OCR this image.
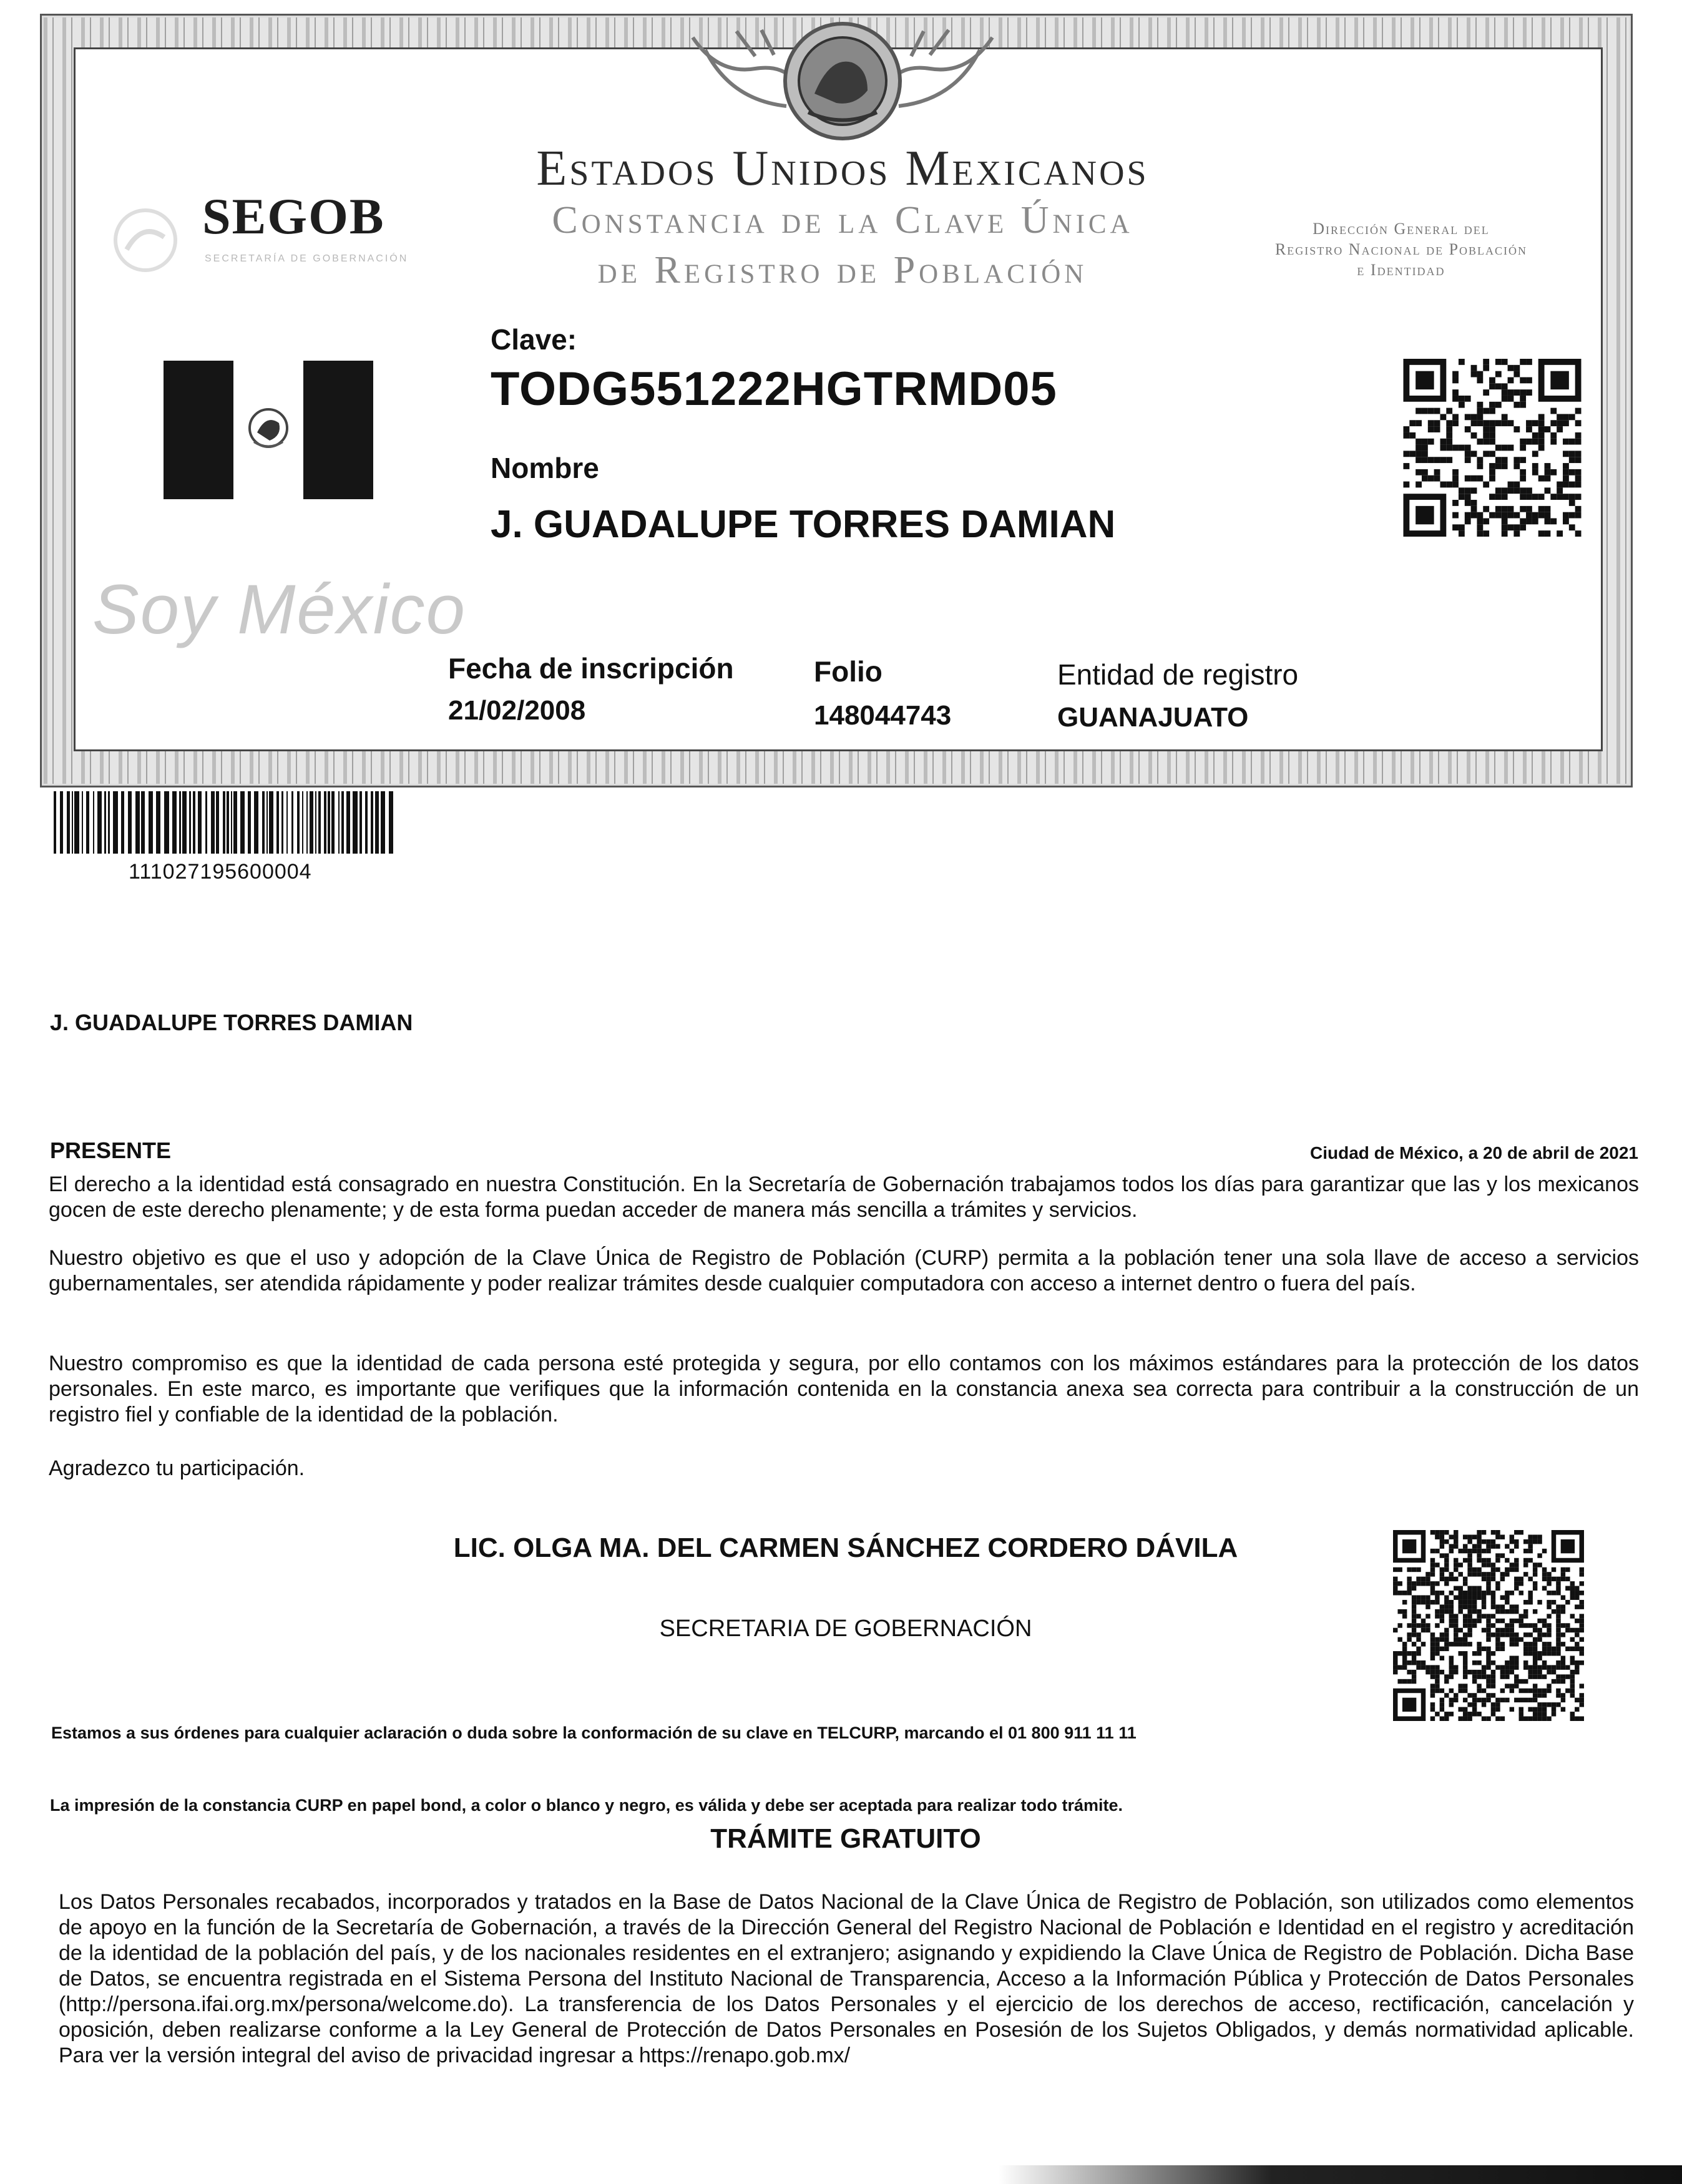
Estados Unidos Mexicanos
Constancia de la Clave Única
de Registro de Población
SEGOB
SECRETARÍA DE GOBERNACIÓN
Dirección General del
Registro Nacional de Población
e Identidad
Clave:
TODG551222HGTRMD05
Nombre
J. GUADALUPE TORRES DAMIAN
Soy México
Fecha de inscripción
21/02/2008
Folio
148044743
Entidad de registro
GUANAJUATO
111027195600004
J. GUADALUPE TORRES DAMIAN
PRESENTE	Ciudad de México, a 20 de abril de 2021
El derecho a la identidad está consagrado en nuestra Constitución. En la Secretaría de Gobernación trabajamos todos los días para garantizar que las y los mexicanos gocen de este derecho plenamente; y de esta forma puedan acceder de manera más sencilla a trámites y servicios.
Nuestro objetivo es que el uso y adopción de la Clave Única de Registro de Población (CURP) permita a la población tener una sola llave de acceso a servicios gubernamentales, ser atendida rápidamente y poder realizar trámites desde cualquier computadora con acceso a internet dentro o fuera del país.
Nuestro compromiso es que la identidad de cada persona esté protegida y segura, por ello contamos con los máximos estándares para la protección de los datos personales. En este marco, es importante que verifiques que la información contenida en la constancia anexa sea correcta para contribuir a la construcción de un registro fiel y confiable de la identidad de la población.
Agradezco tu participación.
LIC. OLGA MA. DEL CARMEN SÁNCHEZ CORDERO DÁVILA
SECRETARIA DE GOBERNACIÓN
Estamos a sus órdenes para cualquier aclaración o duda sobre la conformación de su clave en TELCURP, marcando el 01 800 911 11 11
La impresión de la constancia CURP en papel bond, a color o blanco y negro, es válida y debe ser aceptada para realizar todo trámite.
TRÁMITE GRATUITO
Los Datos Personales recabados, incorporados y tratados en la Base de Datos Nacional de la Clave Única de Registro de Población, son utilizados como elementos de apoyo en la función de la Secretaría de Gobernación, a través de la Dirección General del Registro Nacional de Población e Identidad en el registro y acreditación de la identidad de la población del país, y de los nacionales residentes en el extranjero; asignando y expidiendo la Clave Única de Registro de Población. Dicha Base de Datos, se encuentra registrada en el Sistema Persona del Instituto Nacional de Transparencia, Acceso a la Información Pública y Protección de Datos Personales (http://persona.ifai.org.mx/persona/welcome.do). La transferencia de los Datos Personales y el ejercicio de los derechos de acceso, rectificación, cancelación y oposición, deben realizarse conforme a la Ley General de Protección de Datos Personales en Posesión de los Sujetos Obligados, y demás normatividad aplicable. Para ver la versión integral del aviso de privacidad ingresar a https://renapo.gob.mx/
